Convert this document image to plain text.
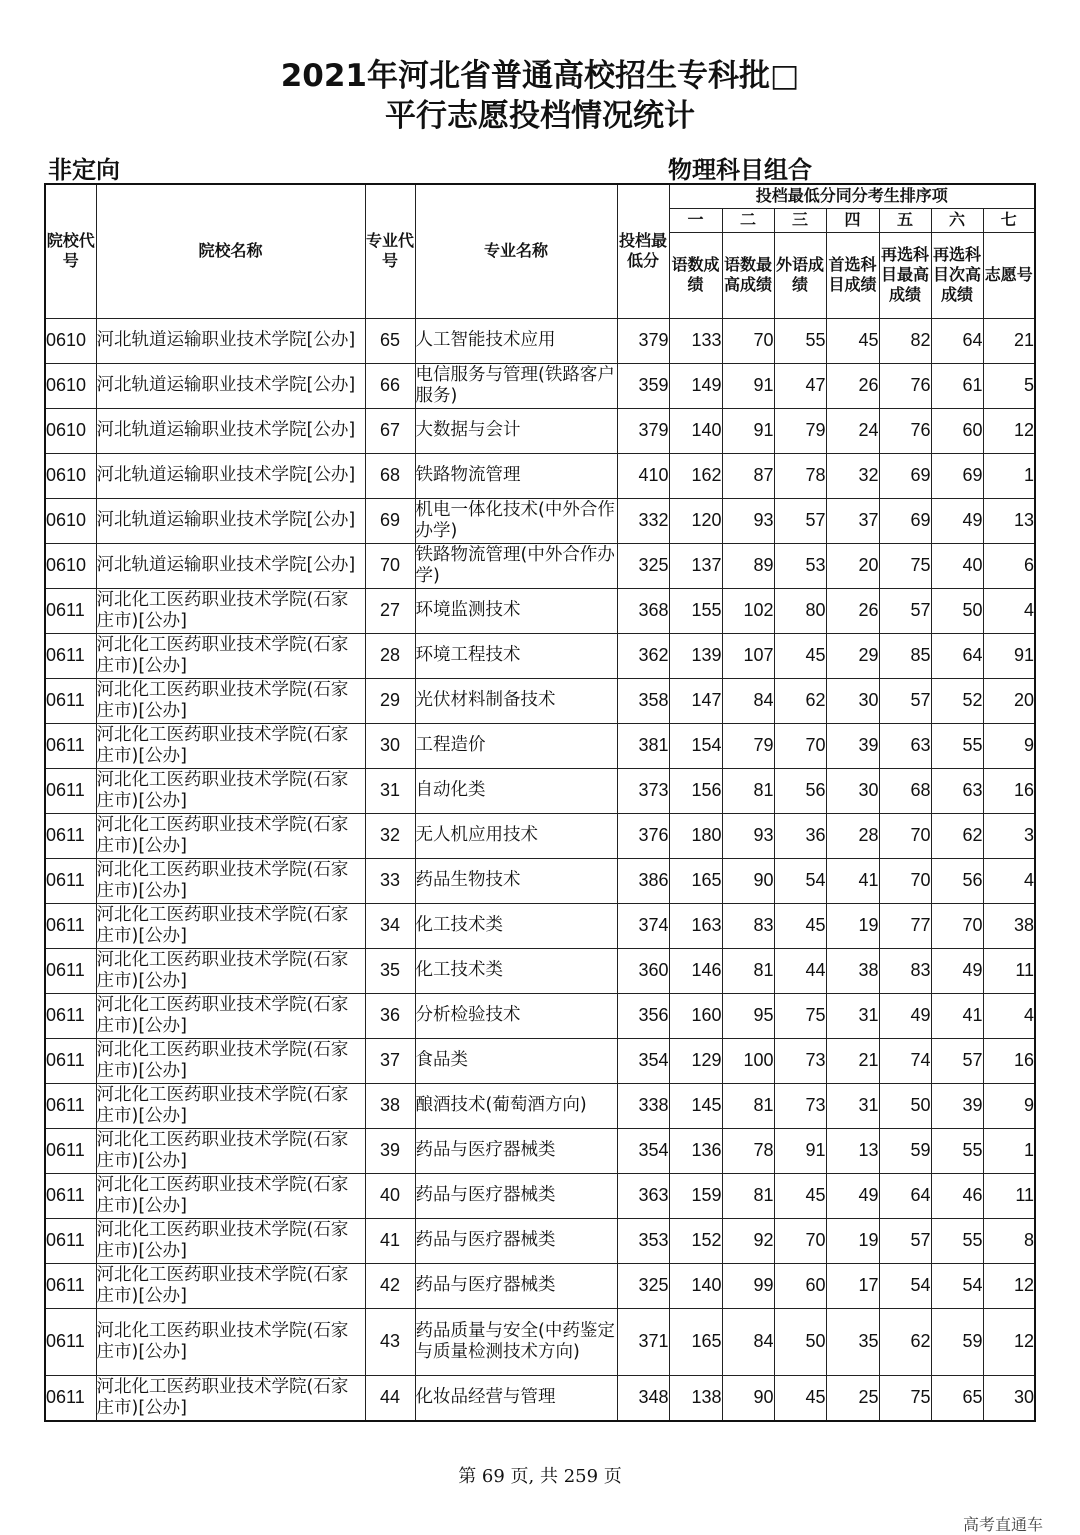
2021年河北省普通高校招生专科批□
平行志愿投档情况统计
非定向	物理科目组合
院校代号	院校名称	专业代号	专业名称	投档最低分	投档最低分同分考生排序项						
					一	二	三	四	五	六	七
					语数成绩	语数最高成绩	外语成绩	首选科目成绩	再选科目最高成绩	再选科目次高成绩	志愿号
0610	河北轨道运输职业技术学院[公办]	65	人工智能技术应用	379	133	70	55	45	82	64	21
0610	河北轨道运输职业技术学院[公办]	66	电信服务与管理(铁路客户服务)	359	149	91	47	26	76	61	5
0610	河北轨道运输职业技术学院[公办]	67	大数据与会计	379	140	91	79	24	76	60	12
0610	河北轨道运输职业技术学院[公办]	68	铁路物流管理	410	162	87	78	32	69	69	1
0610	河北轨道运输职业技术学院[公办]	69	机电一体化技术(中外合作办学)	332	120	93	57	37	69	49	13
0610	河北轨道运输职业技术学院[公办]	70	铁路物流管理(中外合作办学)	325	137	89	53	20	75	40	6
0611	河北化工医药职业技术学院(石家庄市)[公办]	27	环境监测技术	368	155	102	80	26	57	50	4
0611	河北化工医药职业技术学院(石家庄市)[公办]	28	环境工程技术	362	139	107	45	29	85	64	91
0611	河北化工医药职业技术学院(石家庄市)[公办]	29	光伏材料制备技术	358	147	84	62	30	57	52	20
0611	河北化工医药职业技术学院(石家庄市)[公办]	30	工程造价	381	154	79	70	39	63	55	9
0611	河北化工医药职业技术学院(石家庄市)[公办]	31	自动化类	373	156	81	56	30	68	63	16
0611	河北化工医药职业技术学院(石家庄市)[公办]	32	无人机应用技术	376	180	93	36	28	70	62	3
0611	河北化工医药职业技术学院(石家庄市)[公办]	33	药品生物技术	386	165	90	54	41	70	56	4
0611	河北化工医药职业技术学院(石家庄市)[公办]	34	化工技术类	374	163	83	45	19	77	70	38
0611	河北化工医药职业技术学院(石家庄市)[公办]	35	化工技术类	360	146	81	44	38	83	49	11
0611	河北化工医药职业技术学院(石家庄市)[公办]	36	分析检验技术	356	160	95	75	31	49	41	4
0611	河北化工医药职业技术学院(石家庄市)[公办]	37	食品类	354	129	100	73	21	74	57	16
0611	河北化工医药职业技术学院(石家庄市)[公办]	38	酿酒技术(葡萄酒方向)	338	145	81	73	31	50	39	9
0611	河北化工医药职业技术学院(石家庄市)[公办]	39	药品与医疗器械类	354	136	78	91	13	59	55	1
0611	河北化工医药职业技术学院(石家庄市)[公办]	40	药品与医疗器械类	363	159	81	45	49	64	46	11
0611	河北化工医药职业技术学院(石家庄市)[公办]	41	药品与医疗器械类	353	152	92	70	19	57	55	8
0611	河北化工医药职业技术学院(石家庄市)[公办]	42	药品与医疗器械类	325	140	99	60	17	54	54	12
0611	河北化工医药职业技术学院(石家庄市)[公办]	43	药品质量与安全(中药鉴定与质量检测技术方向)	371	165	84	50	35	62	59	12
0611	河北化工医药职业技术学院(石家庄市)[公办]	44	化妆品经营与管理	348	138	90	45	25	75	65	30
第 69 页, 共 259 页
高考直通车
